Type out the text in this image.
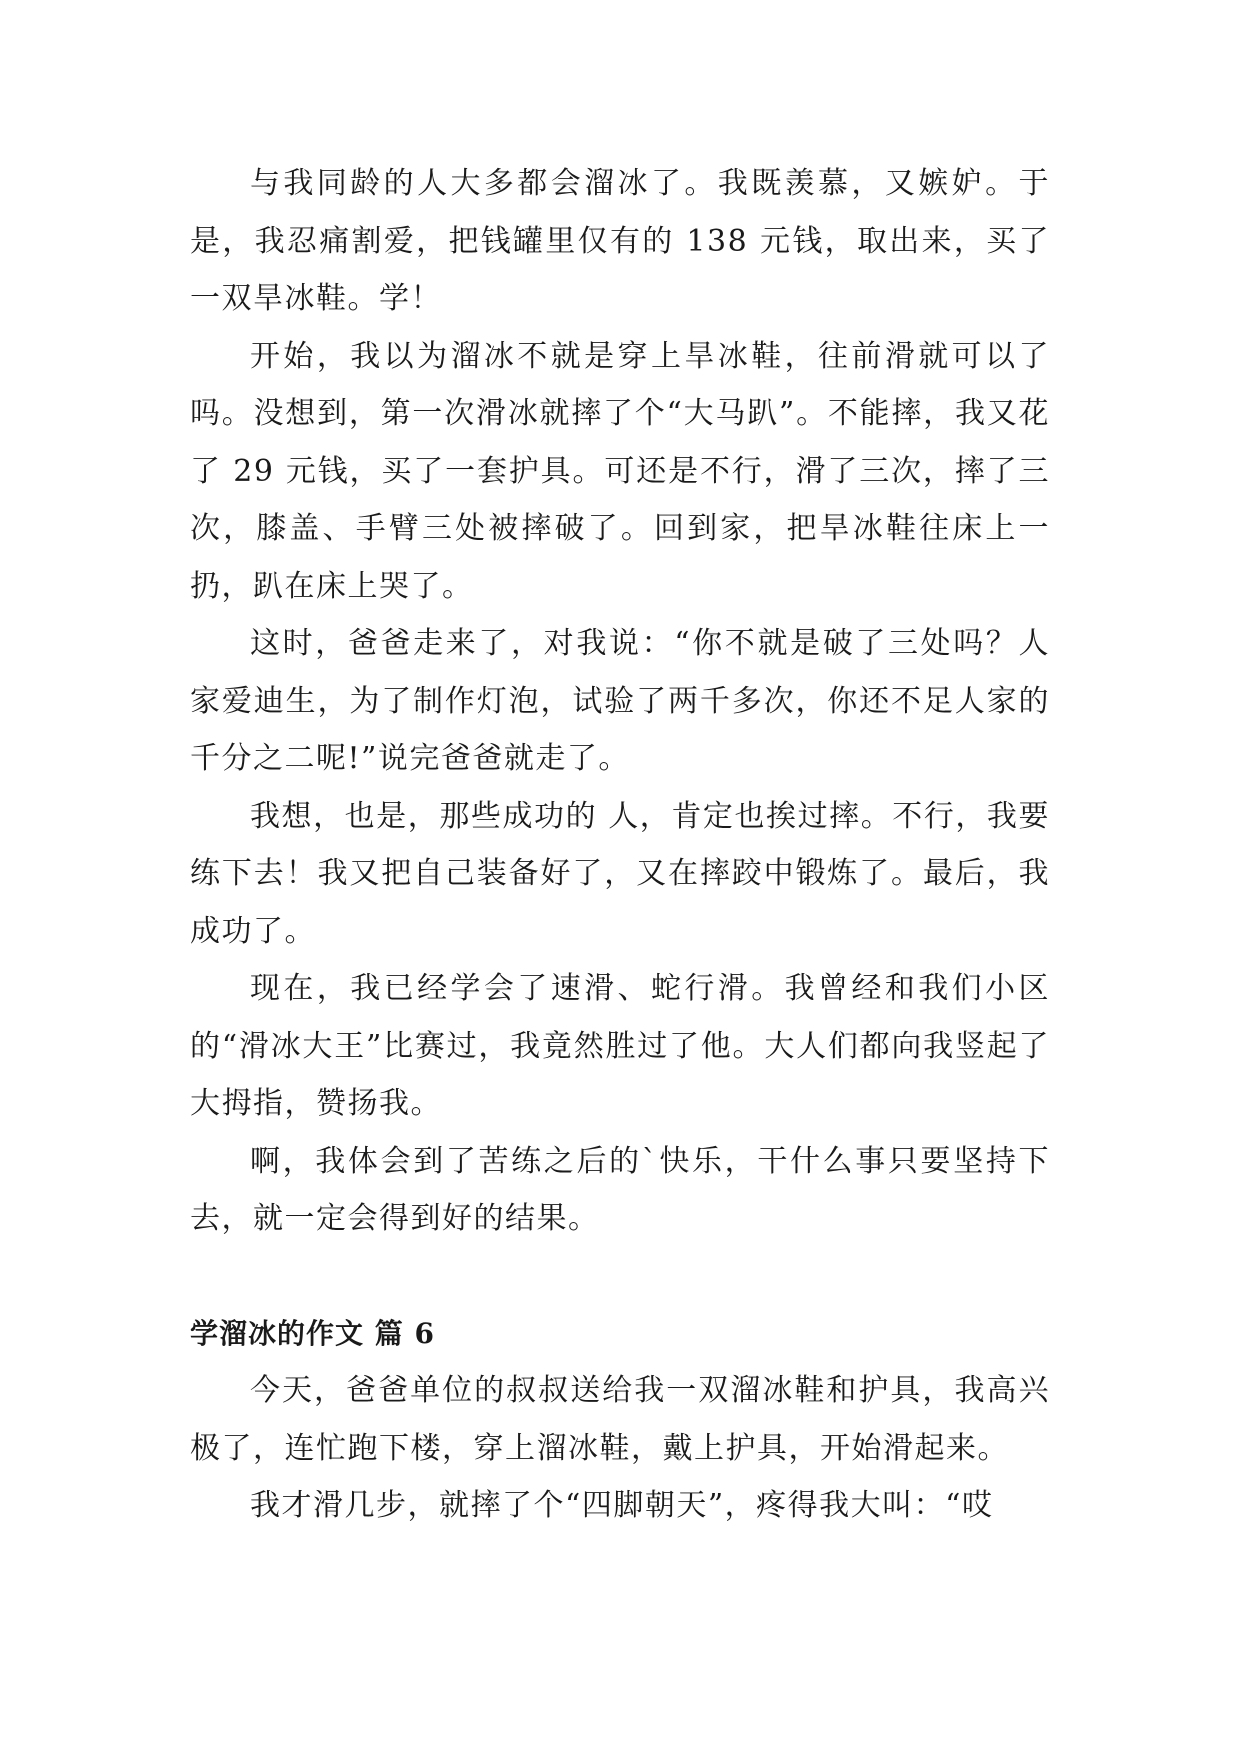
与我同龄的人大多都会溜冰了。我既羡慕，又嫉妒。于是，我忍痛割爱，把钱罐里仅有的 138 元钱，取出来，买了一双旱冰鞋。学！

开始，我以为溜冰不就是穿上旱冰鞋，往前滑就可以了吗。没想到，第一次滑冰就摔了个“大马趴”。不能摔，我又花了 29 元钱，买了一套护具。可还是不行，滑了三次，摔了三次，膝盖、手臂三处被摔破了。回到家，把旱冰鞋往床上一扔，趴在床上哭了。

这时，爸爸走来了，对我说：“你不就是破了三处吗？人家爱迪生，为了制作灯泡，试验了两千多次，你还不足人家的千分之二呢!”说完爸爸就走了。

我想，也是，那些成功的 人，肯定也挨过摔。不行，我要练下去！我又把自己装备好了，又在摔跤中锻炼了。最后，我成功了。

现在，我已经学会了速滑、蛇行滑。我曾经和我们小区的“滑冰大王”比赛过，我竟然胜过了他。大人们都向我竖起了大拇指，赞扬我。

啊，我体会到了苦练之后的`快乐，干什么事只要坚持下去，就一定会得到好的结果。

学溜冰的作文 篇 6

今天，爸爸单位的叔叔送给我一双溜冰鞋和护具，我高兴极了，连忙跑下楼，穿上溜冰鞋，戴上护具，开始滑起来。

我才滑几步，就摔了个“四脚朝天”，疼得我大叫：“哎
